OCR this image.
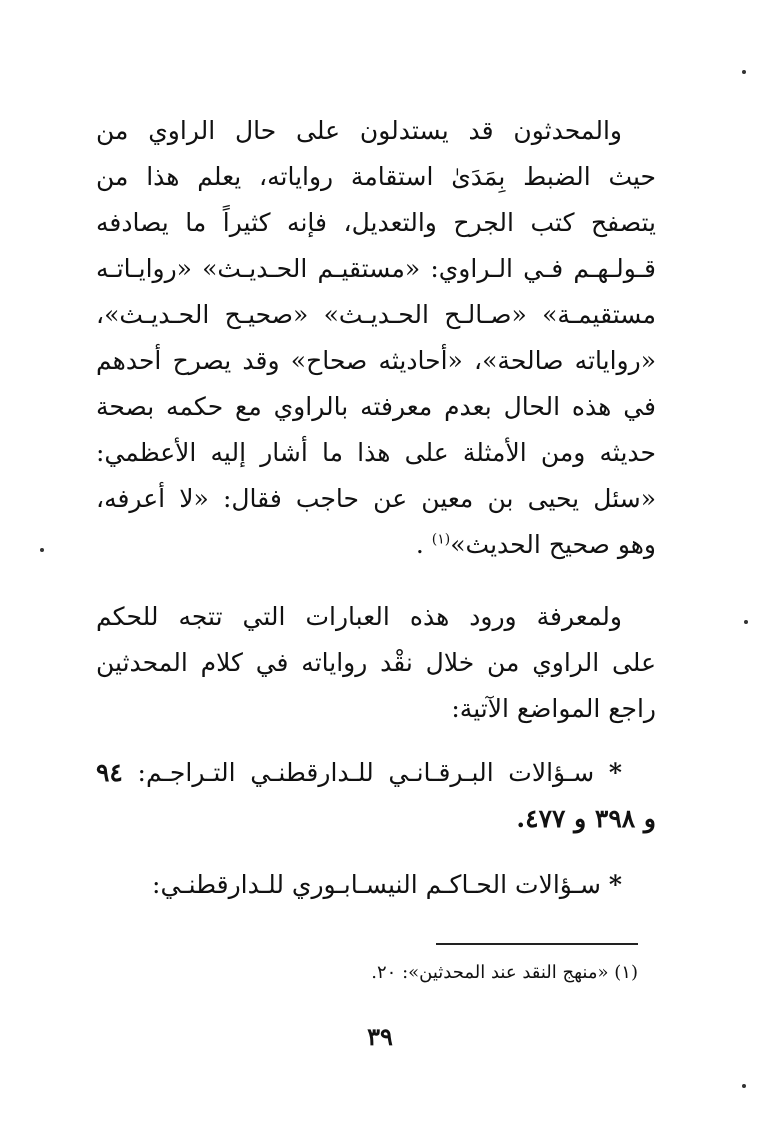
والمحدثون قد يستدلون على حال الراوي من
حيث الضبط بِمَدَىٰ استقامة رواياته، يعلم هذا من
يتصفح كتب الجرح والتعديل، فإنه كثيراً ما يصادفه
قـولـهـم فـي الـراوي: «مستقيـم الحـديـث» «روايـاتـه
مستقيمـة» «صـالـح الحـديـث» «صحيـح الحـديـث»،
«رواياته صالحة»، «أحاديثه صحاح» وقد يصرح أحدهم
في هذه الحال بعدم معرفته بالراوي مع حكمه بصحة
حديثه ومن الأمثلة على هذا ما أشار إليه الأعظمي:
«سئل يحيى بن معين عن حاجب فقال: «لا أعرفه،
وهو صحيح الحديث»$^{(١)}$ .
ولمعرفة ورود هذه العبارات التي تتجه للحكم
على الراوي من خلال نقْد رواياته في كلام المحدثين
راجع المواضع الآتية:
* سـؤالات البـرقـانـي للـدارقطنـي التـراجـم: ٩٤
و ٣٩٨ و ٤٧٧.
* سـؤالات الحـاكـم النيسـابـوري للـدارقطنـي:
(١) «منهج النقد عند المحدثين»: ٢٠.
٣٩
